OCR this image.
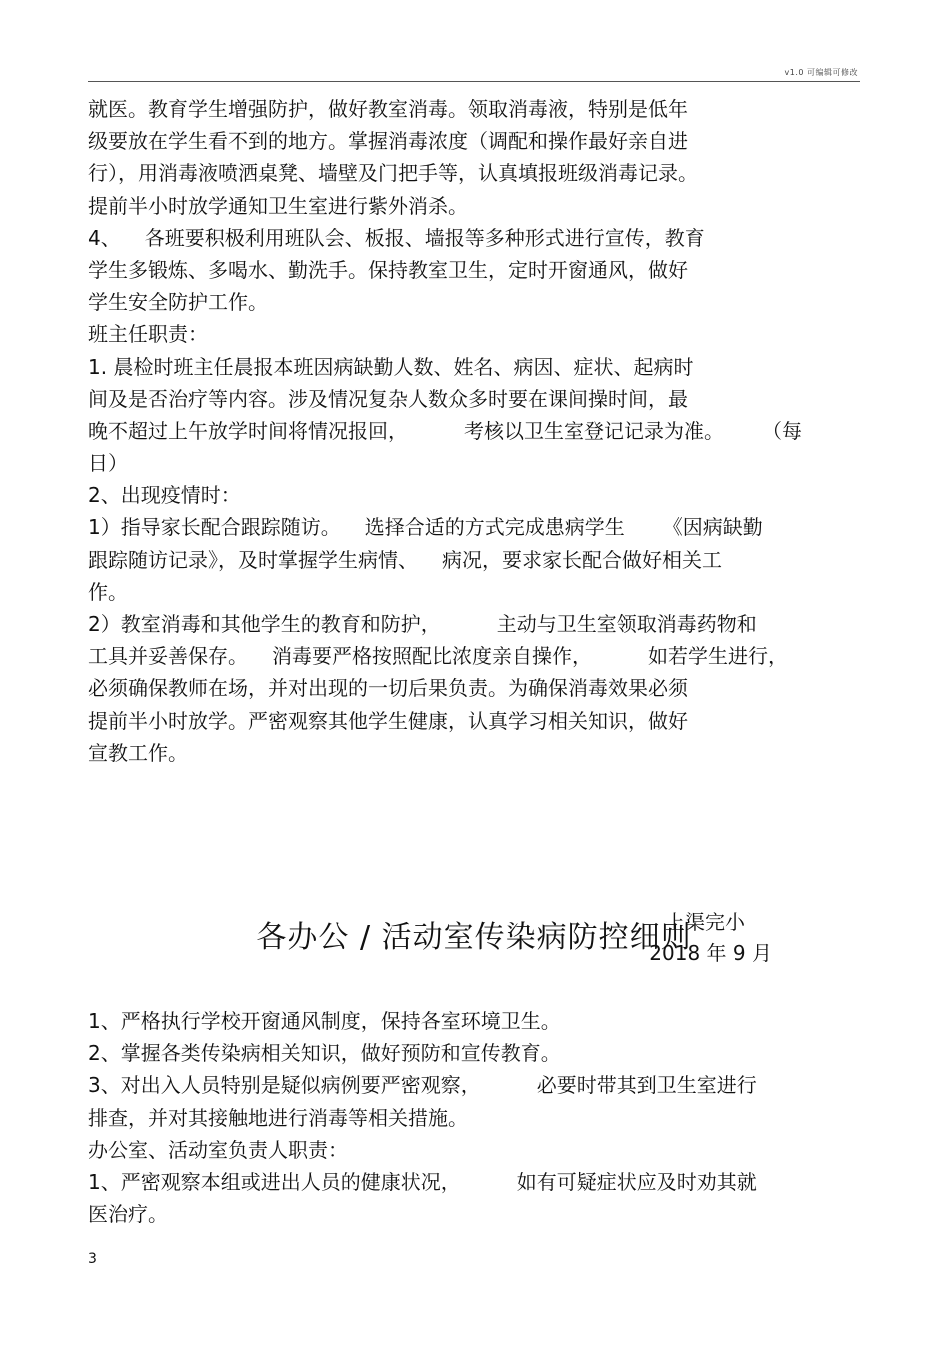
v1.0 可编辑可修改
就医。教育学生增强防护，做好教室消毒。领取消毒液，特别是低年
级要放在学生看不到的地方。掌握消毒浓度（调配和操作最好亲自进
行），用消毒液喷洒桌凳、墙壁及门把手等，认真填报班级消毒记录。
提前半小时放学通知卫生室进行紫外消杀。
4、 各班要积极利用班队会、板报、墙报等多种形式进行宣传，教育
学生多锻炼、多喝水、勤洗手。保持教室卫生，定时开窗通风，做好
学生安全防护工作。
班主任职责：
1. 晨检时班主任晨报本班因病缺勤人数、姓名、病因、症状、起病时
间及是否治疗等内容。涉及情况复杂人数众多时要在课间操时间，最
晚不超过上午放学时间将情况报回，	考核以卫生室登记记录为准。 （每
日）
2、出现疫情时：
1）指导家长配合跟踪随访。 选择合适的方式完成患病学生 《因病缺勤
跟踪随访记录》，及时掌握学生病情、 病况，要求家长配合做好相关工
作。
2）教室消毒和其他学生的教育和防护，	主动与卫生室领取消毒药物和
工具并妥善保存。 消毒要严格按照配比浓度亲自操作，	如若学生进行，
必须确保教师在场，并对出现的一切后果负责。为确保消毒效果必须
提前半小时放学。严密观察其他学生健康，认真学习相关知识，做好
宣教工作。
上渠完小
2018 年 9 月
各办公 / 活动室传染病防控细则
1、严格执行学校开窗通风制度，保持各室环境卫生。
2、掌握各类传染病相关知识，做好预防和宣传教育。
3、对出入人员特别是疑似病例要严密观察，	必要时带其到卫生室进行
排查，并对其接触地进行消毒等相关措施。
办公室、活动室负责人职责：
1、严密观察本组或进出人员的健康状况，	如有可疑症状应及时劝其就
医治疗。
3
